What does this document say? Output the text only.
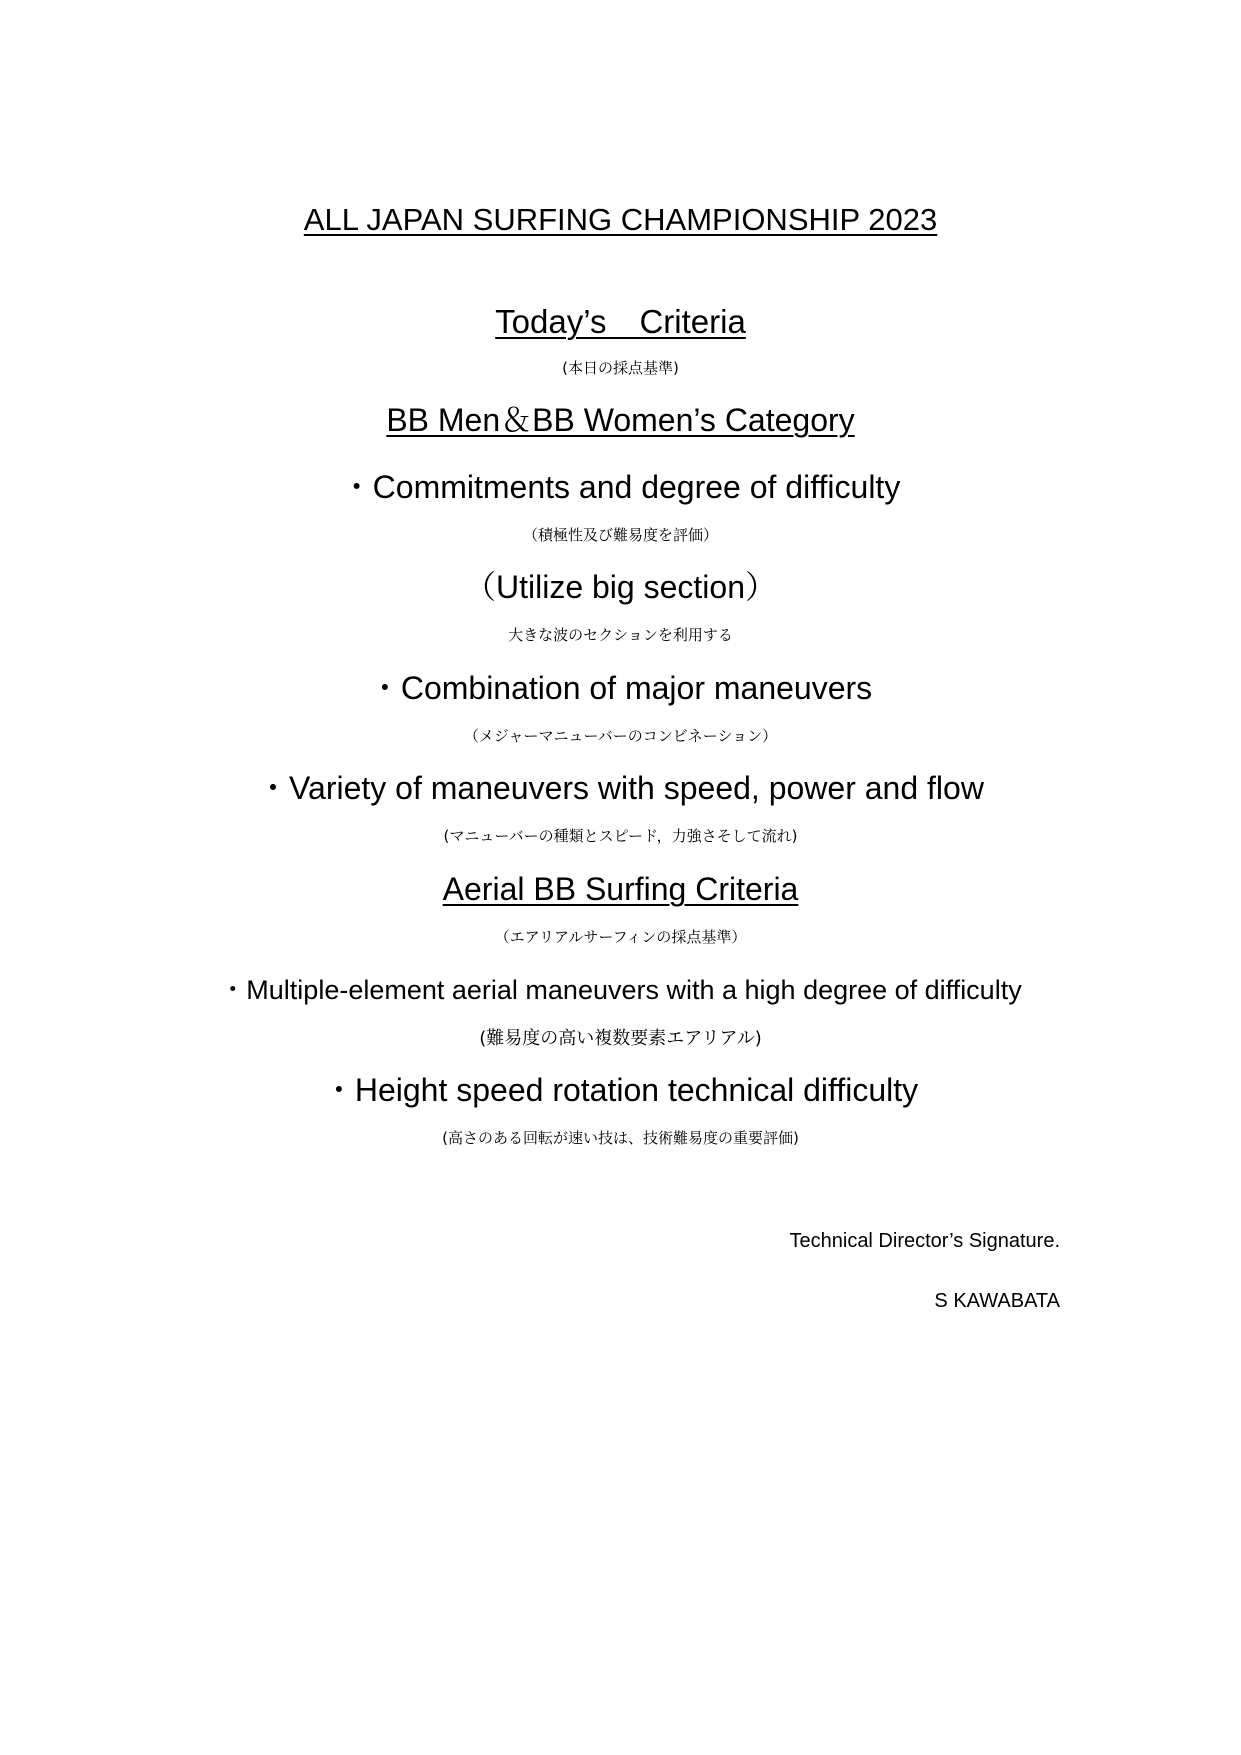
ALL JAPAN SURFING CHAMPIONSHIP 2023
Today’s　Criteria
(本日の採点基準)
BB Men＆BB Women’s Category
・Commitments and degree of difficulty
（積極性及び難易度を評価）
（Utilize big section）
大きな波のセクションを利用する
・Combination of major maneuvers
（メジャーマニューバーのコンビネーション）
・Variety of maneuvers with speed, power and flow
(マニューバーの種類とスピード，力強さそして流れ)
Aerial BB Surfing Criteria
（エアリアルサーフィンの採点基準）
・Multiple-element aerial maneuvers with a high degree of difficulty
(難易度の高い複数要素エアリアル)
・Height speed rotation technical difficulty
(高さのある回転が速い技は、技術難易度の重要評価)
Technical Director’s Signature.
S KAWABATA
